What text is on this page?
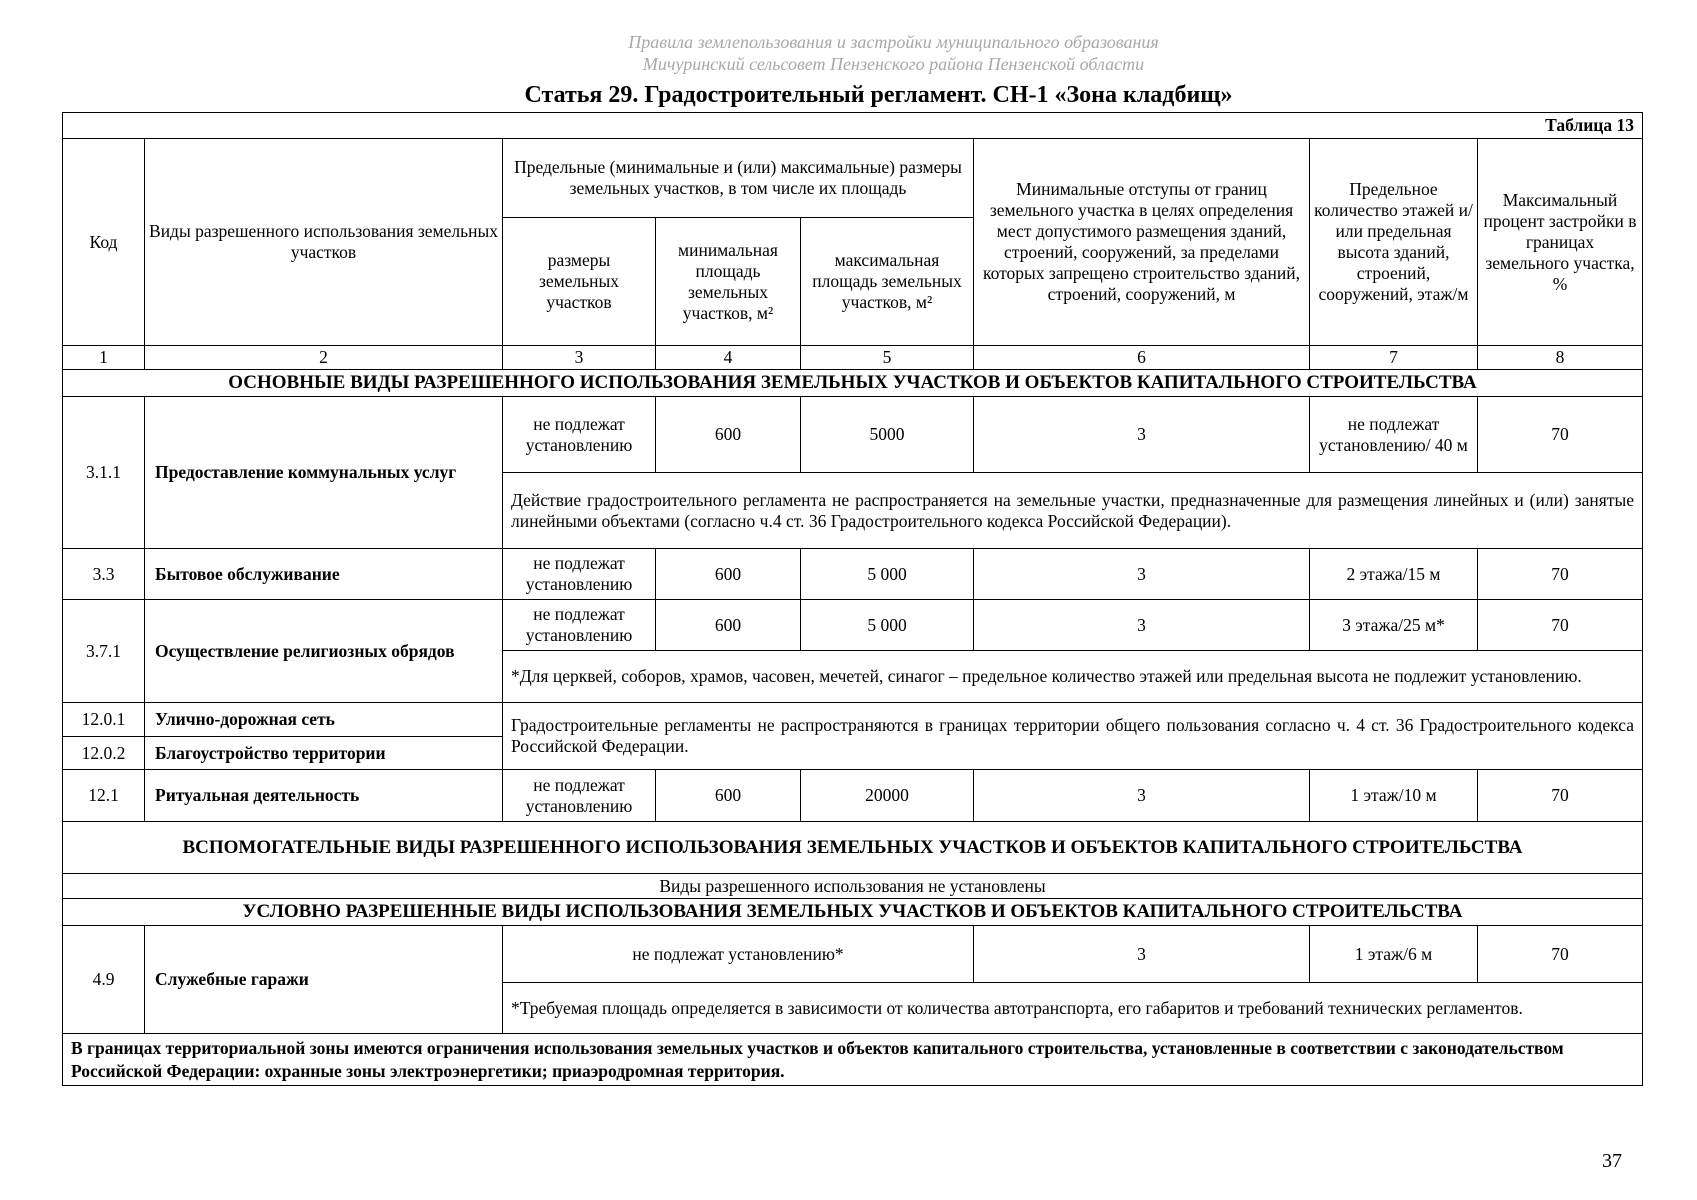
Правила землепользования и застройки муниципального образования
Мичуринский сельсовет Пензенского района Пензенской области
Статья 29. Градостроительный регламент. СН-1 «Зона кладбищ»
Таблица 13							
Код	Виды разрешенного использования земельных участков	Предельные (минимальные и (или) максимальные) размеры земельных участков, в том числе их площадь			Минимальные отступы от границ земельного участка в целях определения мест допустимого размещения зданий, строений, сооружений, за пределами которых запрещено строительство зданий, строений, сооружений, м	Предельное количество этажей и/или предельная высота зданий, строений, сооружений, этаж/м	Максимальный процент застройки в границах земельного участка, %
		размеры земельных участков	минимальная площадь земельных участков, м²	максимальная площадь земельных участков, м²			
1	2	3	4	5	6	7	8
ОСНОВНЫЕ ВИДЫ РАЗРЕШЕННОГО ИСПОЛЬЗОВАНИЯ ЗЕМЕЛЬНЫХ УЧАСТКОВ И ОБЪЕКТОВ КАПИТАЛЬНОГО СТРОИТЕЛЬСТВА							
3.1.1	Предоставление коммунальных услуг	не подлежат установлению	600	5000	3	не подлежат установлению/ 40 м	70
		Действие градостроительного регламента не распространяется на земельные участки, предназначенные для размещения линейных и (или) занятые линейными объектами (согласно ч.4 ст. 36 Градостроительного кодекса Российской Федерации).					
3.3	Бытовое обслуживание	не подлежат установлению	600	5 000	3	2 этажа/15 м	70
3.7.1	Осуществление религиозных обрядов	не подлежат установлению	600	5 000	3	3 этажа/25 м*	70
		*Для церквей, соборов, храмов, часовен, мечетей, синагог – предельное количество этажей или предельная высота не подлежит установлению.					
12.0.1	Улично-дорожная сеть	Градостроительные регламенты не распространяются в границах территории общего пользования согласно ч. 4 ст. 36 Градостроительного кодекса Российской Федерации.					
12.0.2	Благоустройство территории						
12.1	Ритуальная деятельность	не подлежат установлению	600	20000	3	1 этаж/10 м	70
ВСПОМОГАТЕЛЬНЫЕ ВИДЫ РАЗРЕШЕННОГО ИСПОЛЬЗОВАНИЯ ЗЕМЕЛЬНЫХ УЧАСТКОВ И ОБЪЕКТОВ КАПИТАЛЬНОГО СТРОИТЕЛЬСТВА							
Виды разрешенного использования не установлены							
УСЛОВНО РАЗРЕШЕННЫЕ ВИДЫ ИСПОЛЬЗОВАНИЯ ЗЕМЕЛЬНЫХ УЧАСТКОВ И ОБЪЕКТОВ КАПИТАЛЬНОГО СТРОИТЕЛЬСТВА							
4.9	Служебные гаражи	не подлежат установлению*			3	1 этаж/6 м	70
		*Требуемая площадь определяется в зависимости от количества автотранспорта, его габаритов и требований технических регламентов.					
В границах территориальной зоны имеются ограничения использования земельных участков и объектов капитального строительства, установленные в соответствии с законодательством Российской Федерации: охранные зоны электроэнергетики; приаэродромная территория.							
37
